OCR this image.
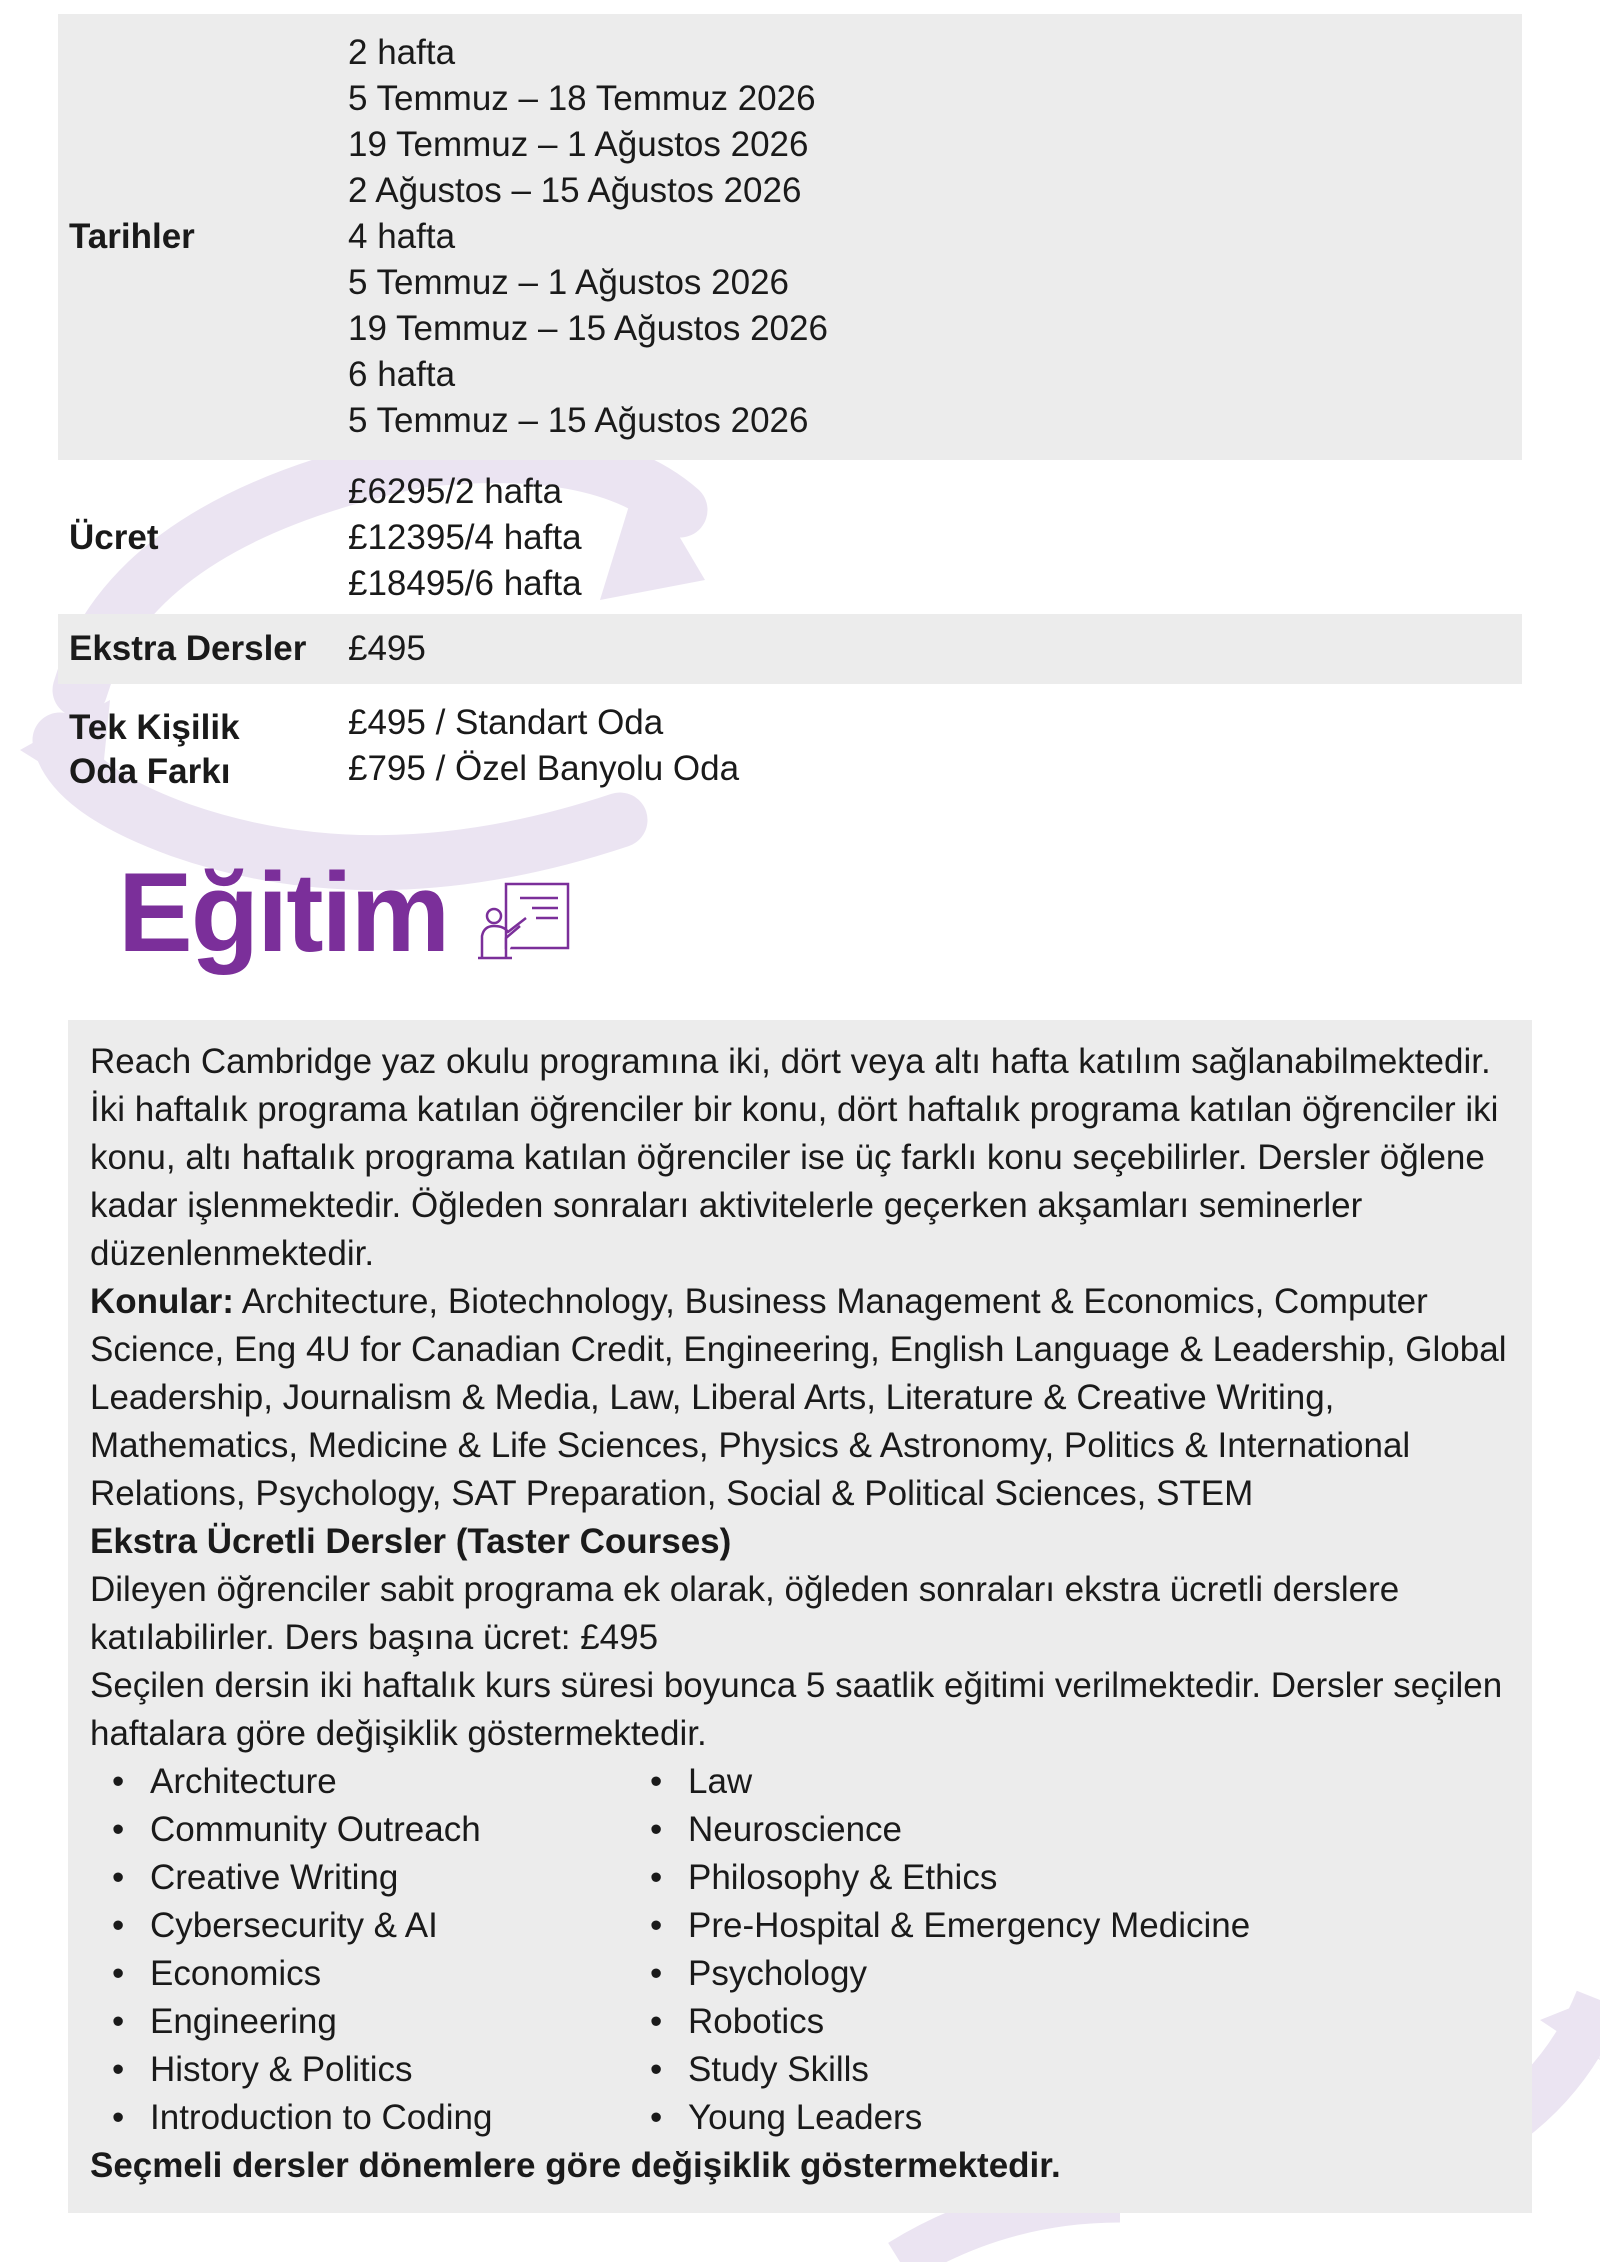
Tarihler
2 hafta
5 Temmuz – 18 Temmuz 2026
19 Temmuz – 1 Ağustos 2026
2 Ağustos – 15 Ağustos 2026
4 hafta
5 Temmuz – 1 Ağustos 2026
19 Temmuz – 15 Ağustos 2026
6 hafta
5 Temmuz – 15 Ağustos 2026
Ücret
£6295/2 hafta
£12395/4 hafta
£18495/6 hafta
Ekstra Dersler	£495
Tek Kişilik
Oda Farkı
£495 / Standart Oda
£795 / Özel Banyolu Oda
Eğitim

Reach Cambridge yaz okulu programına iki, dört veya altı hafta katılım sağlanabilmektedir. İki haftalık programa katılan öğrenciler bir konu, dört haftalık programa katılan öğrenciler iki konu, altı haftalık programa katılan öğrenciler ise üç farklı konu seçebilirler. Dersler öğlene kadar işlenmektedir. Öğleden sonraları aktivitelerle geçerken akşamları seminerler düzenlenmektedir.

Konular: Architecture, Biotechnology, Business Management & Economics, Computer Science, Eng 4U for Canadian Credit, Engineering, English Language & Leadership, Global Leadership, Journalism & Media, Law, Liberal Arts, Literature & Creative Writing, Mathematics, Medicine & Life Sciences, Physics & Astronomy, Politics & International Relations, Psychology, SAT Preparation, Social & Political Sciences, STEM

Ekstra Ücretli Dersler (Taster Courses)

Dileyen öğrenciler sabit programa ek olarak, öğleden sonraları ekstra ücretli derslere katılabilirler. Ders başına ücret: £495

Seçilen dersin iki haftalık kurs süresi boyunca 5 saatlik eğitimi verilmektedir. Dersler seçilen haftalara göre değişiklik göstermektedir.

• Architecture
• Community Outreach
• Creative Writing
• Cybersecurity & AI
• Economics
• Engineering
• History & Politics
• Introduction to Coding
• Law
• Neuroscience
• Philosophy & Ethics
• Pre-Hospital & Emergency Medicine
• Psychology
• Robotics
• Study Skills
• Young Leaders

Seçmeli dersler dönemlere göre değişiklik göstermektedir.
